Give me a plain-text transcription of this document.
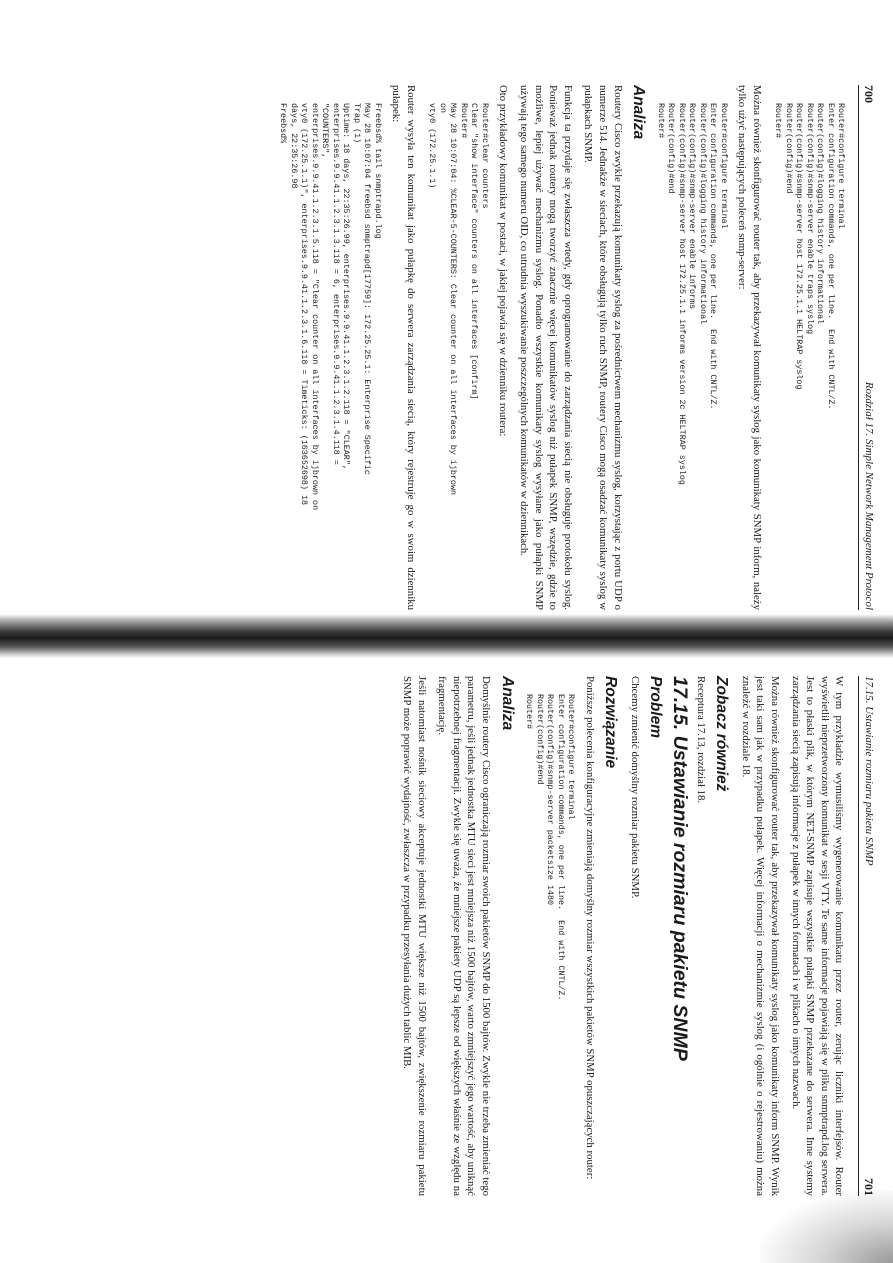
700
Rozdział 17. Simple Network Management Protocol
Router#configure terminal
Enter configuration commands, one per line.  End with CNTL/Z.
Router(config)#logging history informational
Router(config)#snmp-server enable traps syslog
Router(config)#snmp-server host 172.25.1.1 HELTRAP syslog
Router(config)#end
Router#

Można również skonfigurować router tak, aby przekazywał komunikaty syslog jako komunikaty SNMP inform, należy tylko użyć następujących poleceń snmp-server:

Router#configure terminal
Enter configuration commands, one per line.  End with CNTL/Z.
Router(config)#logging history informational
Router(config)#snmp-server enable informs
Router(config)#snmp-server host 172.25.1.1 informs version 2c HELTRAP syslog
Router(config)#end
Router#
Analiza

Routery Cisco zwykle przekazują komunikaty syslog za pośrednictwem mechanizmu syslog, korzystając z portu UDP o numerze 514. Jednakże w sieciach, które obsługują tylko ruch SNMP, routery Cisco mogą osadzać komunikaty syslog w pułapkach SNMP.

Funkcja ta przydaje się zwłaszcza wtedy, gdy oprogramowanie do zarządzania siecią nie obsługuje protokołu syslog. Ponieważ jednak routery mogą tworzyć znacznie więcej komunikatów syslog niż pułapek SNMP, wszędzie, gdzie to możliwe, lepiej używać mechanizmu syslog. Ponadto wszystkie komunikaty syslog wysyłane jako pułapki SNMP używają tego samego numeru OID, co utrudnia wyszukiwanie poszczególnych komunikatów w dziennikach.

Oto przykładowy komunikat w postaci, w jakiej pojawia się w dzienniku routera:

Router#clear counters
Clear "show interface" counters on all interfaces [confirm]
Router#
May 28 10:07:04: %CLEAR-5-COUNTERS: Clear counter on all interfaces by ijbrown
on
vty0 (172.25.1.1)

Router wysyła ten komunikat jako pułapkę do serwera zarządzania siecią, który rejestruje go w swoim dzienniku pułapek:

Freebsd% tail snmptrapd.log
May 28 10:07:04 freebsd snmptrapd[17759]: 172.25.25.1: Enterprise Specific
Trap (1)
Uptime: 18 days, 22:35:26.99, enterprises.9.9.41.1.2.3.1.2.118 = "CLEAR",
enterprises.9.9.41.1.2.3.1.3.118 = 6, enterprises.9.9.41.1.2.3.1.4.118 =
"COUNTERS",
enterprises.9.9.41.1.2.3.1.5.118 = "Clear counter on all interfaces by ijbrown on
vty0 (172.25.1.1)", enterprises.9.9.41.1.2.3.1.6.118 = Timeticks: (163652698) 18
days, 22:35:26.98
Freebsd%
17.15. Ustawianie rozmiaru pakietu SNMP
701

W tym przykładzie wymusiliśmy wygenerowanie komunikatu przez router, zerując liczniki interfejsów. Router wyświetlił nieprzetworzony komunikat w sesji VTY. Te same informacje pojawiają się w pliku snmptrapd.log serwera. Jest to płaski plik, w którym NET-SNMP zapisuje wszystkie pułapki SNMP przekazane do serwera. Inne systemy zarządzania siecią zapisują informacje z pułapek w innych formatach i w plikach o innych nazwach.

Można również skonfigurować router tak, aby przekazywał komunikaty syslog jako komunikaty inform SNMP. Wynik jest taki sam jak w przypadku pułapek. Więcej informacji o mechanizmie syslog (i ogólnie o rejestrowaniu) można znaleźć w rozdziale 18.

Zobacz również

Receptura 17.13, rozdział 18.

17.15. Ustawianie rozmiaru pakietu SNMP
Problem

Chcemy zmienić domyślny rozmiar pakietu SNMP.

Rozwiązanie

Poniższe polecenia konfiguracyjne zmieniają domyślny rozmiar wszystkich pakietów SNMP opuszczających router:

Router#configure terminal
Enter configuration commands, one per line.  End with CNTL/Z.
Router(config)#snmp-server packetsize 1480
Router(config)#end
Router#
Analiza

Domyślnie routery Cisco ograniczają rozmiar swoich pakietów SNMP do 1500 bajtów. Zwykle nie trzeba zmieniać tego parametru, jeśli jednak jednostka MTU sieci jest mniejsza niż 1500 bajtów, warto zmniejszyć jego wartość, aby uniknąć niepotrzebnej fragmentacji. Zwykle się uważa, że mniejsze pakiety UDP są lepsze od większych właśnie ze względu na fragmentację.

Jeśli natomiast nośnik sieciowy akceptuje jednostki MTU większe niż 1500 bajtów, zwiększenie rozmiaru pakietu SNMP może poprawić wydajność, zwłaszcza w przypadku przesyłania dużych tablic MIB.
